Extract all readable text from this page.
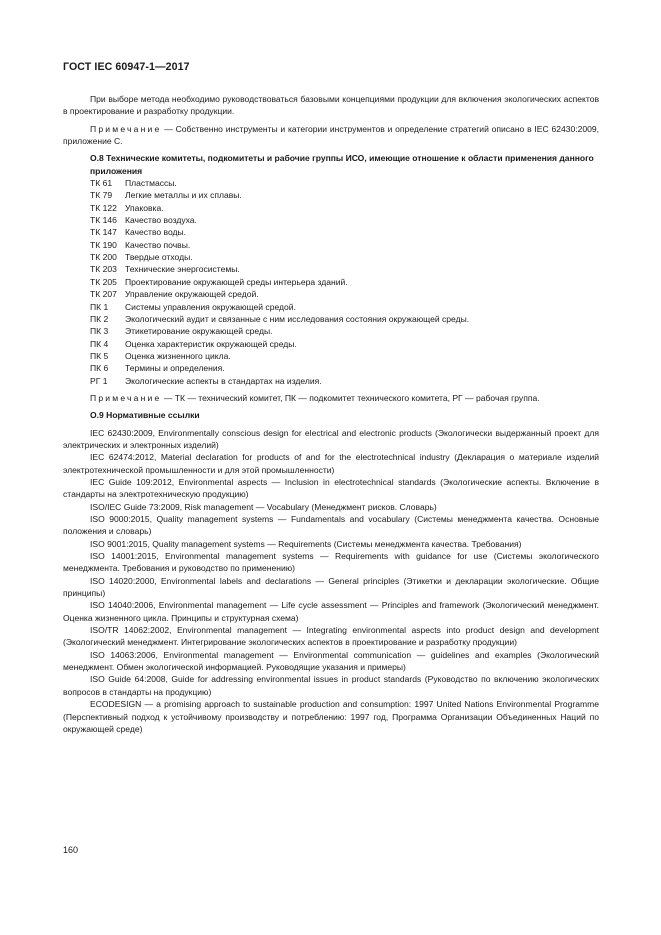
ГОСТ IEC 60947-1—2017

При выборе метода необходимо руководствоваться базовыми концепциями продукции для включения экологических аспектов в проектирование и разработку продукции.

Примечание — Собственно инструменты и категории инструментов и определение стратегий описано в IEC 62430:2009, приложение C.

О.8 Технические комитеты, подкомитеты и рабочие группы ИСО, имеющие отношение к области применения данного приложения

ТК 61	Пластмассы.
ТК 79	Легкие металлы и их сплавы.
ТК 122 Упаковка.
ТК 146 Качество воздуха.
ТК 147 Качество воды.
ТК 190 Качество почвы.
ТК 200 Твердые отходы.
ТК 203 Технические энергосистемы.
ТК 205 Проектирование окружающей среды интерьера зданий.
ТК 207 Управление окружающей средой.
ПК 1	Системы управления окружающей средой.
ПК 2	Экологический аудит и связанные с ним исследования состояния окружающей среды.
ПК 3	Этикетирование окружающей среды.
ПК 4	Оценка характеристик окружающей среды.
ПК 5	Оценка жизненного цикла.
ПК 6	Термины и определения.
РГ 1	Экологические аспекты в стандартах на изделия.

Примечание — ТК — технический комитет, ПК — подкомитет технического комитета, РГ — рабочая группа.

О.9 Нормативные ссылки

IEC 62430:2009, Environmentally conscious design for electrical and electronic products (Экологически выдержанный проект для электрических и электронных изделий)

IEC 62474:2012, Material declaration for products of and for the electrotechnical industry (Декларация о материале изделий электротехнической промышленности и для этой промышленности)

IEC Guide 109:2012, Environmental aspects — Inclusion in electrotechnical standards (Экологические аспекты. Включение в стандарты на электротехническую продукцию)

ISO/IEC Guide 73:2009, Risk management — Vocabulary (Менеджмент рисков. Словарь)

ISO 9000:2015, Quality management systems — Fundamentals and vocabulary (Системы менеджмента качества. Основные положения и словарь)

ISO 9001:2015, Quality management systems — Requirements (Системы менеджмента качества. Требования)

ISO 14001:2015, Environmental management systems — Requirements with guidance for use (Системы экологического менеджмента. Требования и руководство по применению)

ISO 14020:2000, Environmental labels and declarations — General principles (Этикетки и декларации экологические. Общие принципы)

ISO 14040:2006, Environmental management — Life cycle assessment — Principles and framework (Экологический менеджмент. Оценка жизненного цикла. Принципы и структурная схема)

ISO/TR 14062:2002, Environmental management — Integrating environmental aspects into product design and development (Экологический менеджмент. Интегрирование экологических аспектов в проектирование и разработку продукции)

ISO 14063:2006, Environmental management — Environmental communication — guidelines and examples (Экологический менеджмент. Обмен экологической информацией. Руководящие указания и примеры)

ISO Guide 64:2008, Guide for addressing environmental issues in product standards (Руководство по включению экологических вопросов в стандарты на продукцию)

ECODESIGN — a promising approach to sustainable production and consumption: 1997 United Nations Environmental Programme (Перспективный подход к устойчивому производству и потреблению: 1997 год, Программа Организации Объединенных Наций по окружающей среде)

160
